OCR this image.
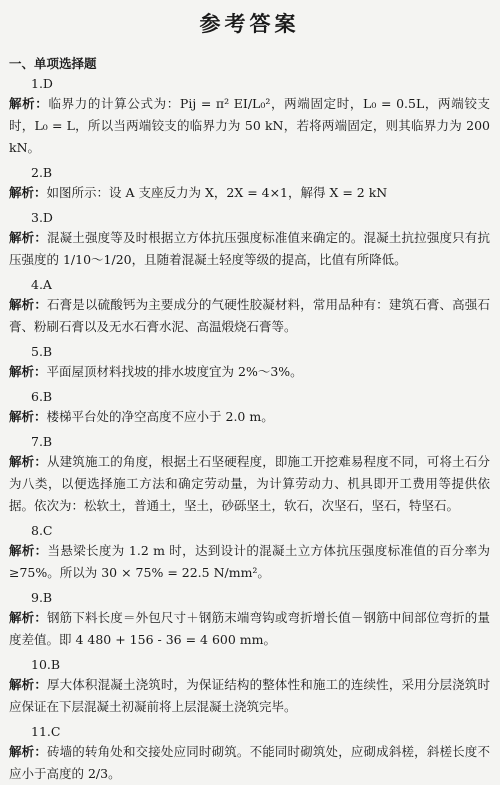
参考答案
一、单项选择题
1.D
解析：临界力的计算公式为：Pij = π² EI/L₀²，两端固定时，L₀ = 0.5L，两端铰支时，L₀ = L，所以当两端铰支的临界力为 50 kN，若将两端固定，则其临界力为 200 kN。
2.B
解析：如图所示：设 A 支座反力为 X，2X = 4×1，解得 X = 2 kN
3.D
解析：混凝土强度等及时根据立方体抗压强度标准值来确定的。混凝土抗拉强度只有抗压强度的 1/10～1/20，且随着混凝土轻度等级的提高，比值有所降低。
4.A
解析：石膏是以硫酸钙为主要成分的气硬性胶凝材料，常用品种有：建筑石膏、高强石膏、粉刷石膏以及无水石膏水泥、高温煅烧石膏等。
5.B
解析：平面屋顶材料找坡的排水坡度宜为 2%～3%。
6.B
解析：楼梯平台处的净空高度不应小于 2.0 m。
7.B
解析：从建筑施工的角度，根据土石坚硬程度，即施工开挖难易程度不同，可将土石分为八类，以便选择施工方法和确定劳动量，为计算劳动力、机具即开工费用等提供依据。依次为：松软土，普通土，坚土，砂砾坚土，软石，次坚石，坚石，特坚石。
8.C
解析：当悬梁长度为 1.2 m 时，达到设计的混凝土立方体抗压强度标准值的百分率为≥75%。所以为 30 × 75% = 22.5 N/mm²。
9.B
解析：钢筋下料长度＝外包尺寸＋钢筋末端弯钩或弯折增长值－钢筋中间部位弯折的量度差值。即 4 480 + 156 - 36 = 4 600 mm。
10.B
解析：厚大体积混凝土浇筑时，为保证结构的整体性和施工的连续性，采用分层浇筑时应保证在下层混凝土初凝前将上层混凝土浇筑完毕。
11.C
解析：砖墙的转角处和交接处应同时砌筑。不能同时砌筑处，应砌成斜槎，斜槎长度不应小于高度的 2/3。
